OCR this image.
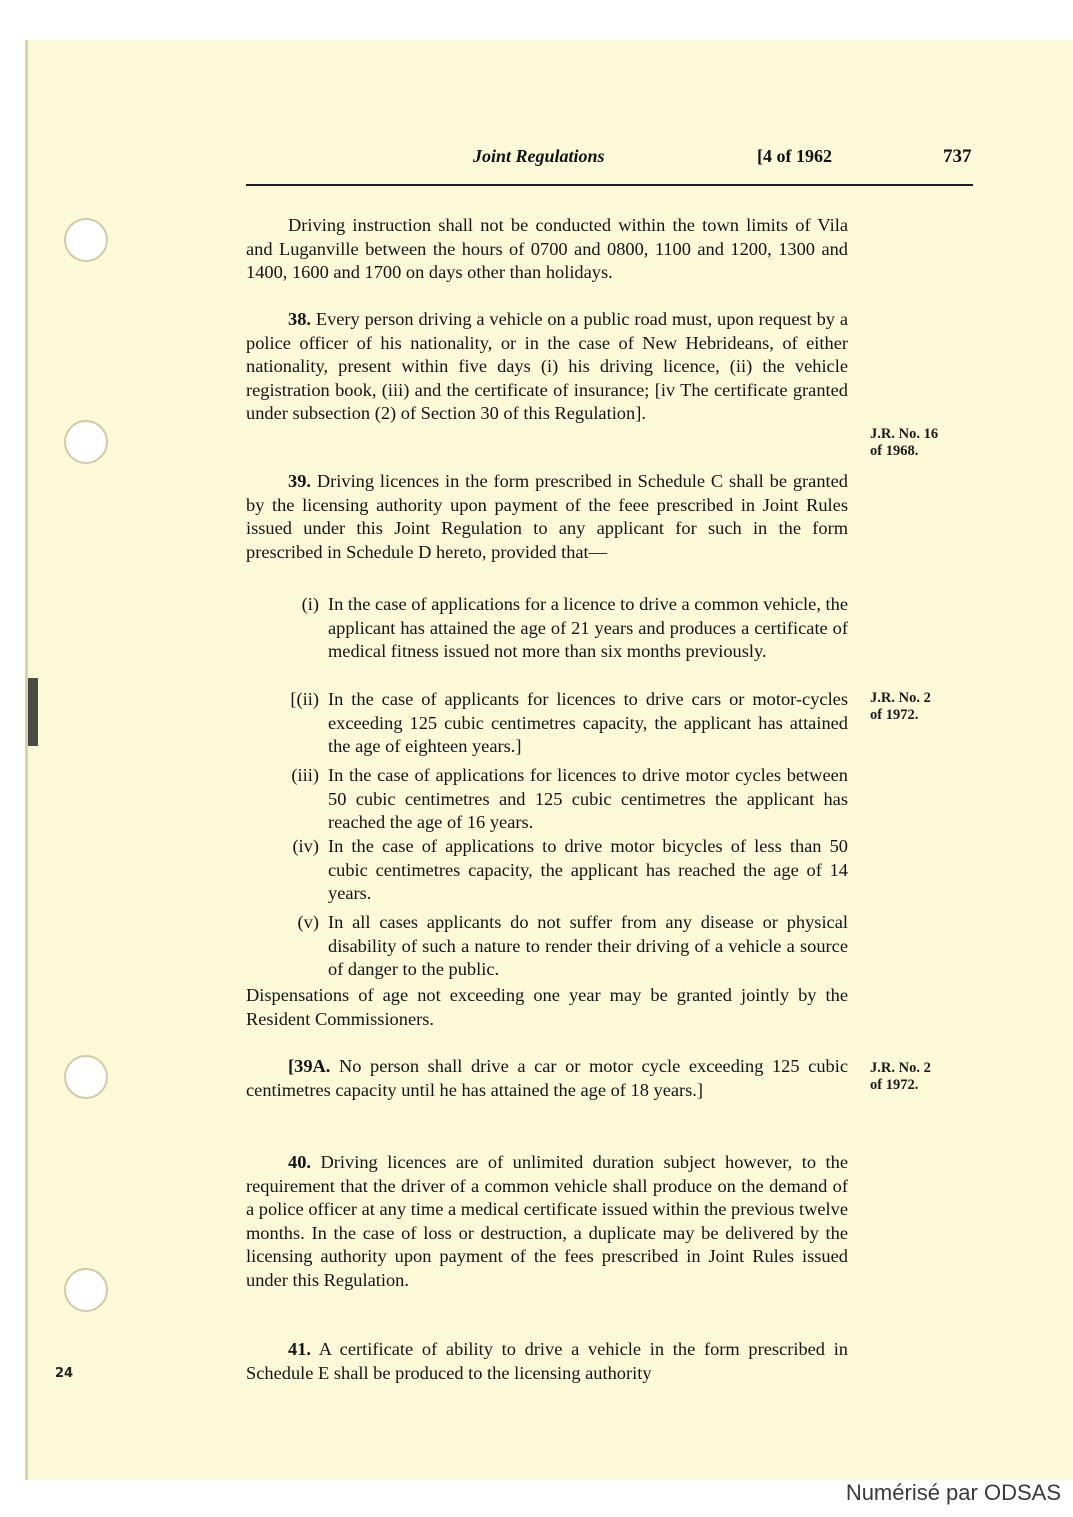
Joint Regulations	[4 of 1962	737

Driving instruction shall not be conducted within the town limits of Vila and Luganville between the hours of 0700 and 0800, 1100 and 1200, 1300 and 1400, 1600 and 1700 on days other than holidays.

38. Every person driving a vehicle on a public road must, upon request by a police officer of his nationality, or in the case of New Hebrideans, of either nationality, present within five days (i) his driving licence, (ii) the vehicle registration book, (iii) and the certificate of insurance; [iv The certificate granted under subsection (2) of Section 30 of this Regulation].

J.R. No. 16
of 1968.

39. Driving licences in the form prescribed in Schedule C shall be granted by the licensing authority upon payment of the feee prescribed in Joint Rules issued under this Joint Regulation to any applicant for such in the form prescribed in Schedule D hereto, provided that—

(i) In the case of applications for a licence to drive a common vehicle, the applicant has attained the age of 21 years and produces a certificate of medical fitness issued not more than six months previously.

[(ii) In the case of applicants for licences to drive cars or motor-cycles exceeding 125 cubic centimetres capacity, the applicant has attained the age of eighteen years.]

J.R. No. 2
of 1972.
(iii) In the case of applications for licences to drive motor cycles between 50 cubic centimetres and 125 cubic centimetres the applicant has reached the age of 16 years.

(iv) In the case of applications to drive motor bicycles of less than 50 cubic centimetres capacity, the applicant has reached the age of 14 years.

(v) In all cases applicants do not suffer from any disease or physical disability of such a nature to render their driving of a vehicle a source of danger to the public.

Dispensations of age not exceeding one year may be granted jointly by the Resident Commissioners.

[39A. No person shall drive a car or motor cycle exceeding 125 cubic centimetres capacity until he has attained the age of 18 years.]

J.R. No. 2
of 1972.

40. Driving licences are of unlimited duration subject however, to the requirement that the driver of a common vehicle shall produce on the demand of a police officer at any time a medical certificate issued within the previous twelve months. In the case of loss or destruction, a duplicate may be delivered by the licensing authority upon payment of the fees prescribed in Joint Rules issued under this Regulation.

41. A certificate of ability to drive a vehicle in the form prescribed in Schedule E shall be produced to the licensing authority

24
Numérisé par ODSAS
